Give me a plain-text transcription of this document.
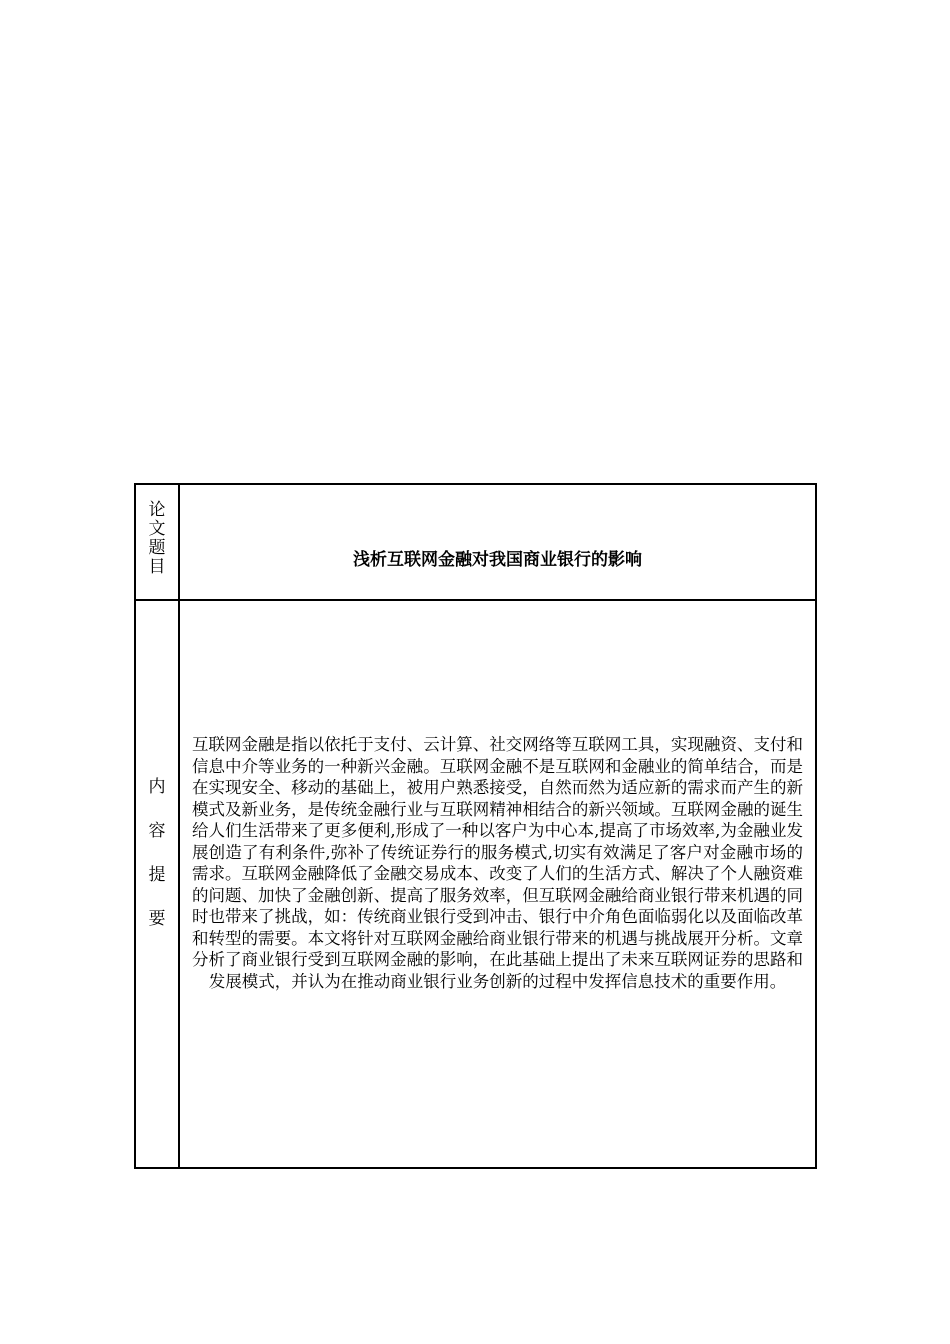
论
文
题
目	浅析互联网金融对我国商业银行的影响
内
容
提
要
互联网金融是指以依托于支付、云计算、社交网络等互联网工具，实现融资、支付和信息中介等业务的一种新兴金融。互联网金融不是互联网和金融业的简单结合，而是在实现安全、移动的基础上，被用户熟悉接受，自然而然为适应新的需求而产生的新模式及新业务，是传统金融行业与互联网精神相结合的新兴领域。互联网金融的诞生给人们生活带来了更多便利,形成了一种以客户为中心本,提高了市场效率,为金融业发展创造了有利条件,弥补了传统证券行的服务模式,切实有效满足了客户对金融市场的需求。互联网金融降低了金融交易成本、改变了人们的生活方式、解决了个人融资难的问题、加快了金融创新、提高了服务效率，但互联网金融给商业银行带来机遇的同时也带来了挑战，如：传统商业银行受到冲击、银行中介角色面临弱化以及面临改革和转型的需要。本文将针对互联网金融给商业银行带来的机遇与挑战展开分析。文章分析了商业银行受到互联网金融的影响，在此基础上提出了未来互联网证券的思路和发展模式，并认为在推动商业银行业务创新的过程中发挥信息技术的重要作用。
